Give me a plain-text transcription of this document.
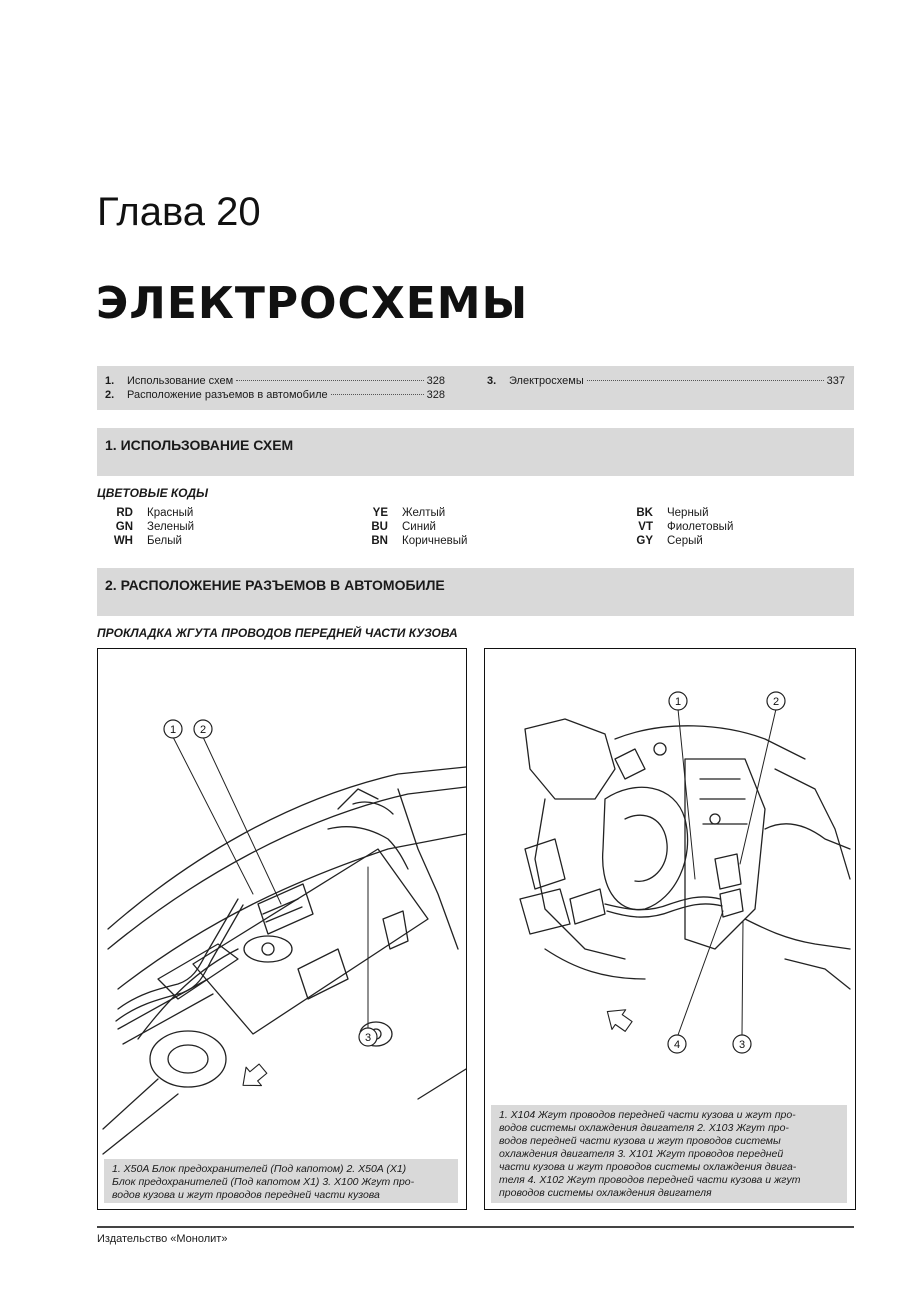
Глава 20
ЭЛЕКТРОСХЕМЫ
1.	Использование схем	328
2.	Расположение разъемов в автомобиле	328
3.	Электросхемы	337
1. ИСПОЛЬЗОВАНИЕ СХЕМ
ЦВЕТОВЫЕ КОДЫ
RD Красный
GN Зеленый
WH Белый
YE Желтый
BU Синий
BN Коричневый
BK Черный
VT Фиолетовый
GY Серый
2. РАСПОЛОЖЕНИЕ РАЗЪЕМОВ В АВТОМОБИЛЕ
ПРОКЛАДКА ЖГУТА ПРОВОДОВ ПЕРЕДНЕЙ ЧАСТИ КУЗОВА
1 2
3
1. X50A Блок предохранителей (Под капотом) 2. X50A (X1)
Блок предохранителей (Под капотом X1) 3. X100 Жгут про-
водов кузова и жгут проводов передней части кузова
1	2
3
4
1. X104 Жгут проводов передней части кузова и жгут про-
водов системы охлаждения двигателя 2. X103 Жгут про-
водов передней части кузова и жгут проводов системы
охлаждения двигателя 3. X101 Жгут проводов передней
части кузова и жгут проводов системы охлаждения двига-
теля 4. X102 Жгут проводов передней части кузова и жгут
проводов системы охлаждения двигателя
Издательство «Монолит»
